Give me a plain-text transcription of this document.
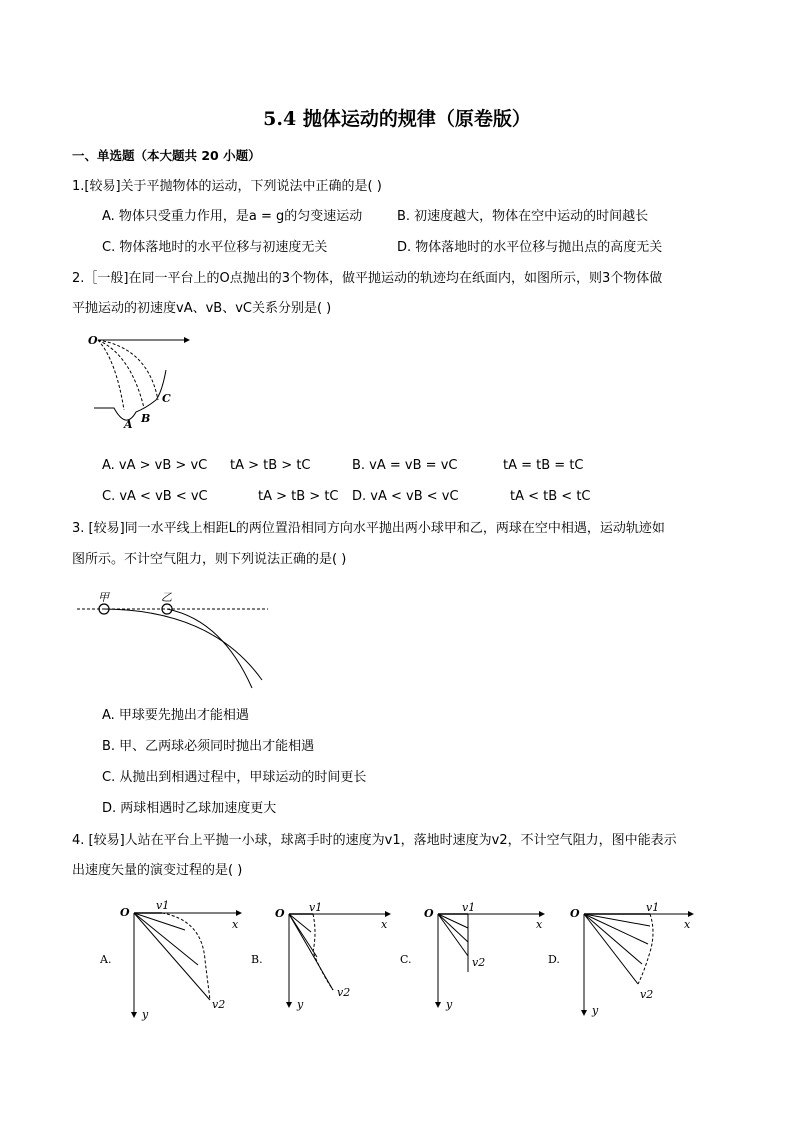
5.4 抛体运动的规律（原卷版）
一、单选题（本大题共 20 小题）
1.[较易]关于平抛物体的运动，下列说法中正确的是( )
A. 物体只受重力作用，是a = g的匀变速运动	B. 初速度越大，物体在空中运动的时间越长
C. 物体落地时的水平位移与初速度无关	D. 物体落地时的水平位移与抛出点的高度无关
2.［一般]在同一平台上的O点抛出的3个物体，做平抛运动的轨迹均在纸面内，如图所示，则3个物体做
平抛运动的初速度vA、vB、vC关系分别是( )
O
A B
C
A. vA > vB > vC tA > tB > tC	B. vA = vB = vC	tA = tB = tC
C. vA < vB < vC	tA > tB > tC D. vA < vB < vC	tA < tB < tC
3. [较易]同一水平线上相距L的两位置沿相同方向水平抛出两小球甲和乙，两球在空中相遇，运动轨迹如
图所示。不计空气阻力，则下列说法正确的是( )
甲	乙
A. 甲球要先抛出才能相遇
B. 甲、乙两球必须同时抛出才能相遇
C. 从抛出到相遇过程中，甲球运动的时间更长
D. 两球相遇时乙球加速度更大
4. [较易]人站在平台上平抛一小球，球离手时的速度为v1，落地时速度为v2，不计空气阻力，图中能表示
出速度矢量的演变过程的是( )
A.
O
x
y
v1
v2
B.
O
x
y
v1
v2
C.
O
x
y
v1
v2	D.
O
x
y
v1
v2
